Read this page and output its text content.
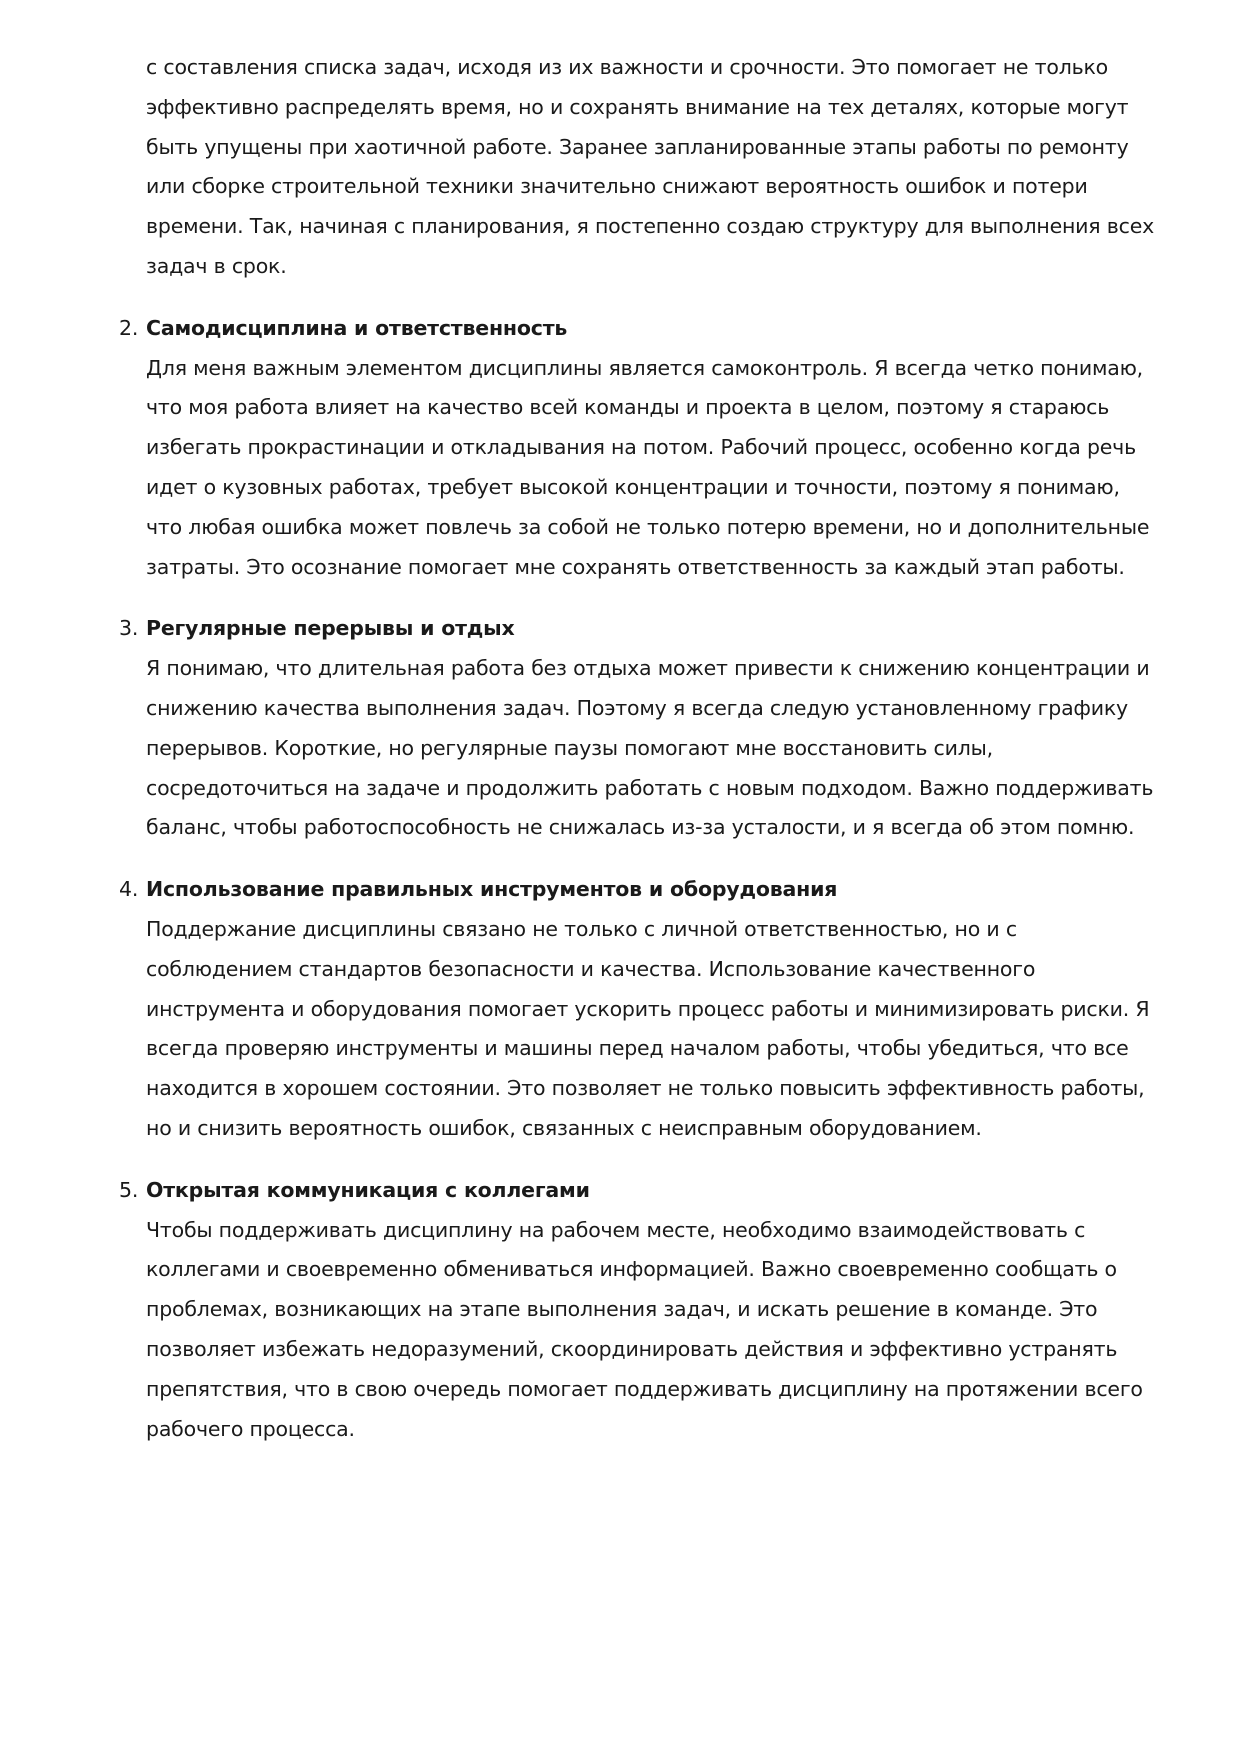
с составления списка задач, исходя из их важности и срочности. Это помогает не только эффективно распределять время, но и сохранять внимание на тех деталях, которые могут быть упущены при хаотичной работе. Заранее запланированные этапы работы по ремонту или сборке строительной техники значительно снижают вероятность ошибок и потери времени. Так, начиная с планирования, я постепенно создаю структуру для выполнения всех задач в срок.

2. Самодисциплина и ответственность

Для меня важным элементом дисциплины является самоконтроль. Я всегда четко понимаю, что моя работа влияет на качество всей команды и проекта в целом, поэтому я стараюсь избегать прокрастинации и откладывания на потом. Рабочий процесс, особенно когда речь идет о кузовных работах, требует высокой концентрации и точности, поэтому я понимаю, что любая ошибка может повлечь за собой не только потерю времени, но и дополнительные затраты. Это осознание помогает мне сохранять ответственность за каждый этап работы.

3. Регулярные перерывы и отдых

Я понимаю, что длительная работа без отдыха может привести к снижению концентрации и снижению качества выполнения задач. Поэтому я всегда следую установленному графику перерывов. Короткие, но регулярные паузы помогают мне восстановить силы, сосредоточиться на задаче и продолжить работать с новым подходом. Важно поддерживать баланс, чтобы работоспособность не снижалась из-за усталости, и я всегда об этом помню.

4. Использование правильных инструментов и оборудования

Поддержание дисциплины связано не только с личной ответственностью, но и с соблюдением стандартов безопасности и качества. Использование качественного инструмента и оборудования помогает ускорить процесс работы и минимизировать риски. Я всегда проверяю инструменты и машины перед началом работы, чтобы убедиться, что все находится в хорошем состоянии. Это позволяет не только повысить эффективность работы, но и снизить вероятность ошибок, связанных с неисправным оборудованием.

5. Открытая коммуникация с коллегами

Чтобы поддерживать дисциплину на рабочем месте, необходимо взаимодействовать с коллегами и своевременно обмениваться информацией. Важно своевременно сообщать о проблемах, возникающих на этапе выполнения задач, и искать решение в команде. Это позволяет избежать недоразумений, скоординировать действия и эффективно устранять препятствия, что в свою очередь помогает поддерживать дисциплину на протяжении всего рабочего процесса.
